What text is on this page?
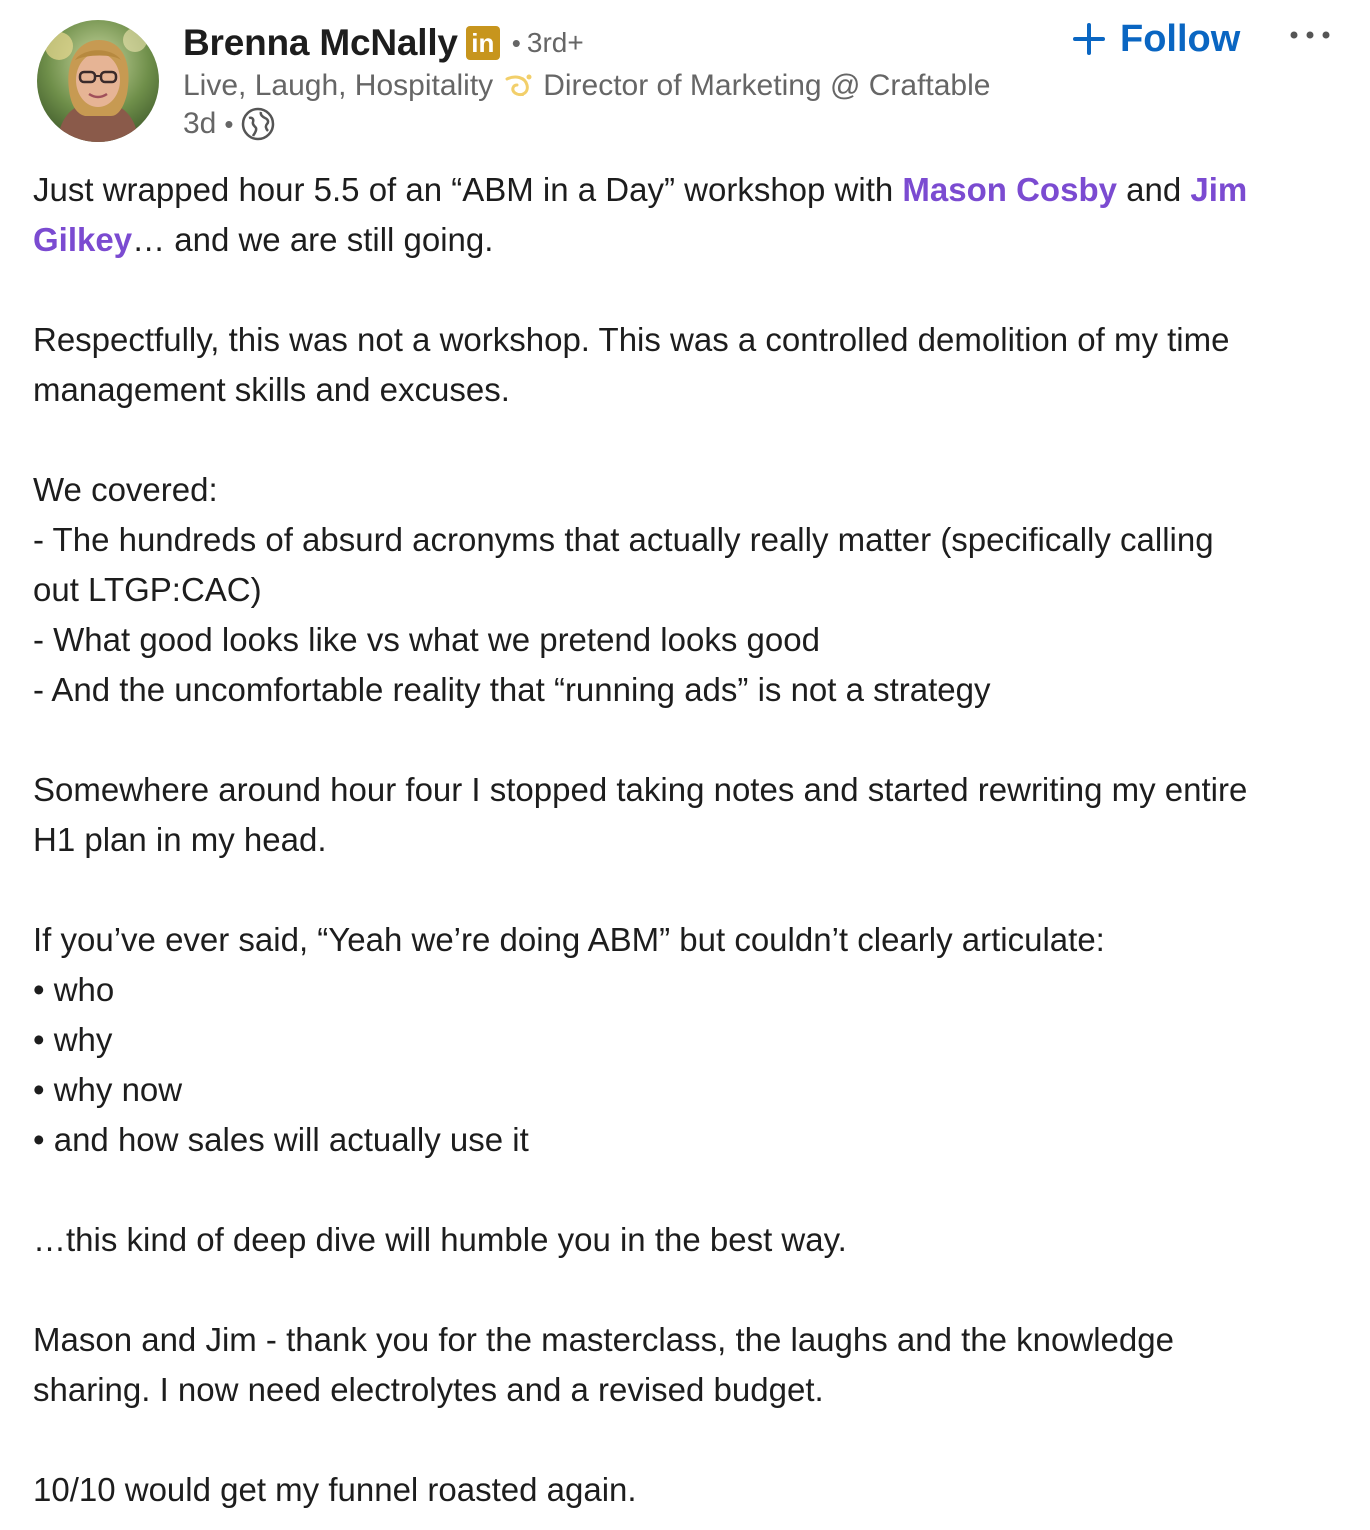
Brenna McNally in • 3rd+
Live, Laugh, Hospitality Director of Marketing @ Craftable
3d •
Follow

Just wrapped hour 5.5 of an “ABM in a Day” workshop with Mason Cosby and Jim

Gilkey… and we are still going.

Respectfully, this was not a workshop. This was a controlled demolition of my time

management skills and excuses.

We covered:

- The hundreds of absurd acronyms that actually really matter (specifically calling

out LTGP:CAC)

- What good looks like vs what we pretend looks good

- And the uncomfortable reality that “running ads” is not a strategy

Somewhere around hour four I stopped taking notes and started rewriting my entire

H1 plan in my head.

If you’ve ever said, “Yeah we’re doing ABM” but couldn’t clearly articulate:

• who

• why

• why now

• and how sales will actually use it

…this kind of deep dive will humble you in the best way.

Mason and Jim - thank you for the masterclass, the laughs and the knowledge

sharing. I now need electrolytes and a revised budget.

10/10 would get my funnel roasted again.
